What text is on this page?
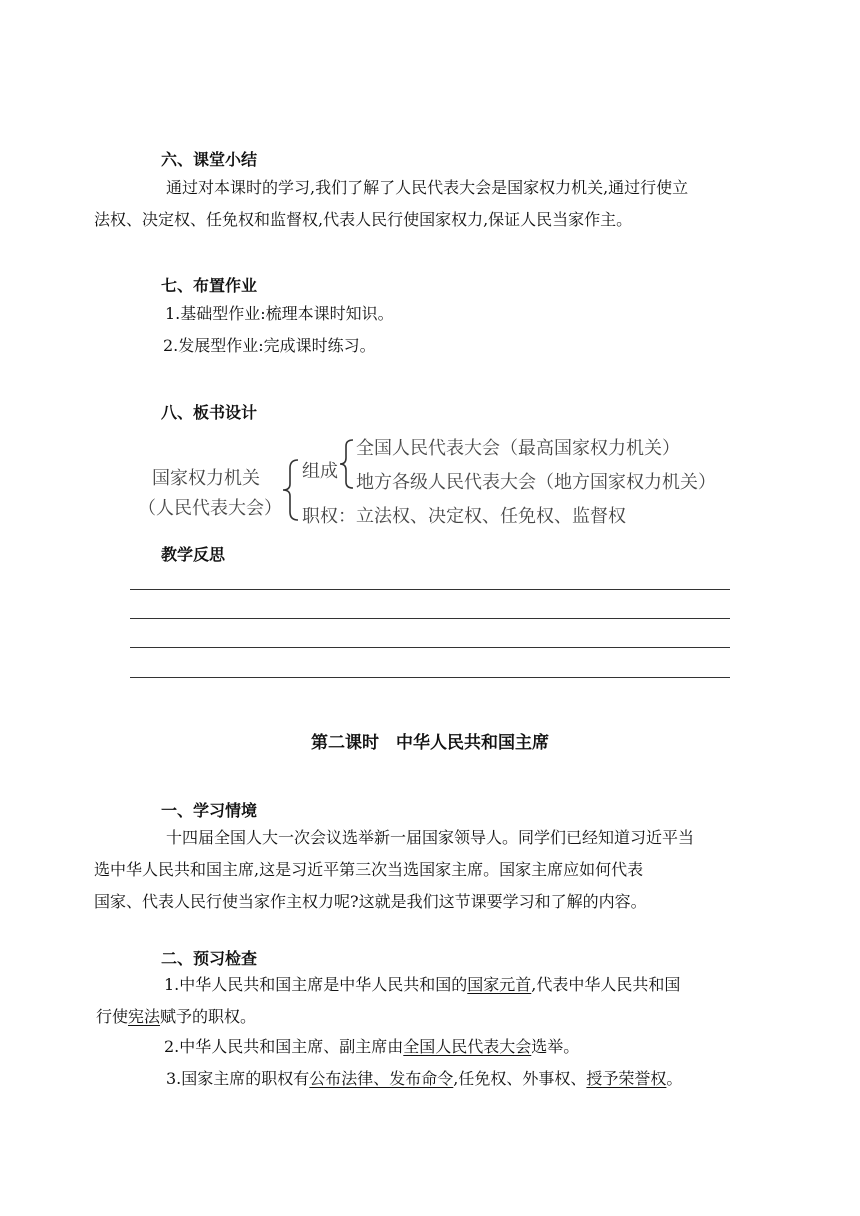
六、课堂小结

通过对本课时的学习,我们了解了人民代表大会是国家权力机关,通过行使立
法权、决定权、任免权和监督权,代表人民行使国家权力,保证人民当家作主。

七、布置作业
1.基础型作业:梳理本课时知识。
2.发展型作业:完成课时练习。
八、板书设计
国家权力机关
（人民代表大会）
组成
全国人民代表大会（最高国家权力机关）
地方各级人民代表大会（地方国家权力机关）
职权：立法权、决定权、任免权、监督权
教学反思
第二课时　中华人民共和国主席
一、学习情境

十四届全国人大一次会议选举新一届国家领导人。同学们已经知道习近平当
选中华人民共和国主席,这是习近平第三次当选国家主席。国家主席应如何代表
国家、代表人民行使当家作主权力呢?这就是我们这节课要学习和了解的内容。

二、预习检查

1.中华人民共和国主席是中华人民共和国的国家元首,代表中华人民共和国
行使宪法赋予的职权。

2.中华人民共和国主席、副主席由全国人民代表大会选举。

3.国家主席的职权有公布法律、发布命令,任免权、外事权、授予荣誉权。
